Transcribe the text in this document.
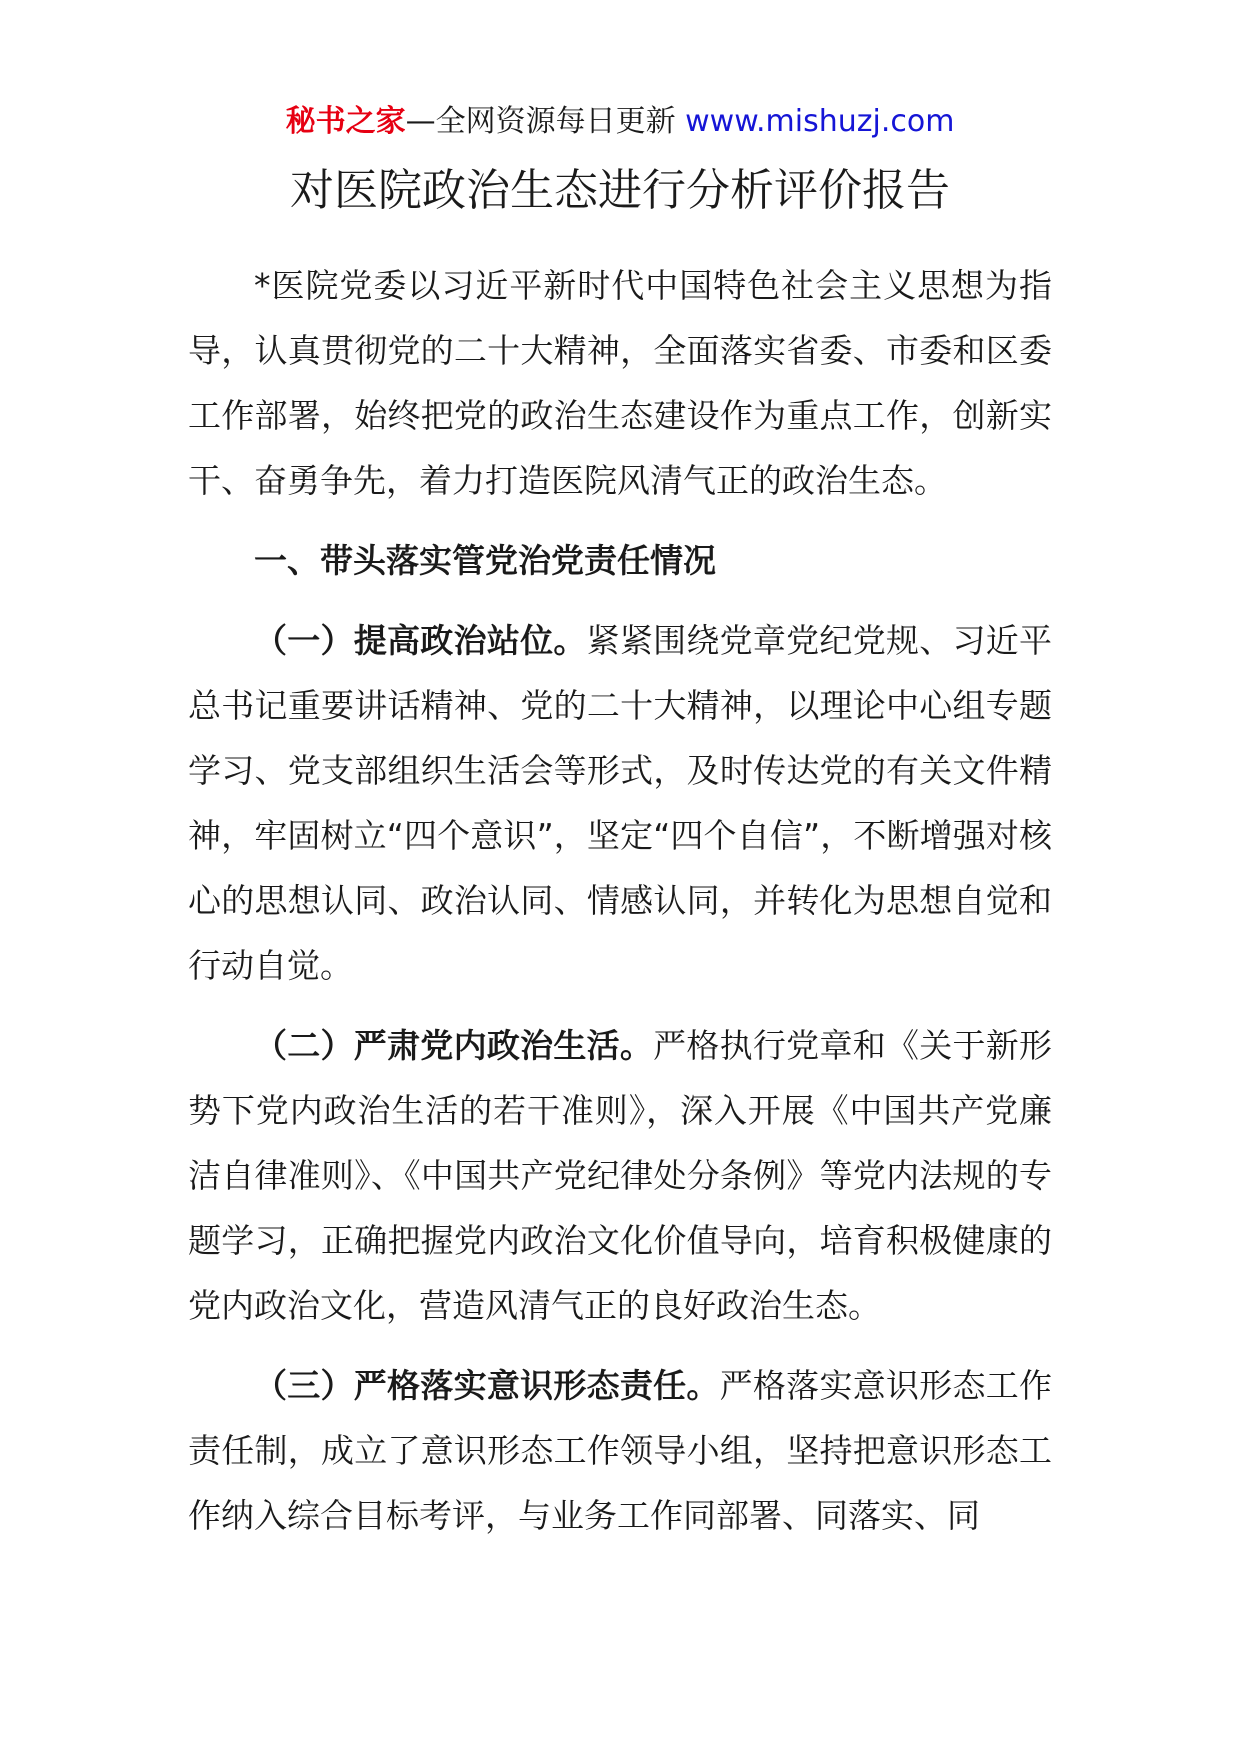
秘书之家—全网资源每日更新 www.mishuzj.com
对医院政治生态进行分析评价报告

*医院党委以习近平新时代中国特色社会主义思想为指导，认真贯彻党的二十大精神，全面落实省委、市委和区委工作部署，始终把党的政治生态建设作为重点工作，创新实干、奋勇争先，着力打造医院风清气正的政治生态。

一、带头落实管党治党责任情况

（一）提高政治站位。紧紧围绕党章党纪党规、习近平总书记重要讲话精神、党的二十大精神，以理论中心组专题学习、党支部组织生活会等形式，及时传达党的有关文件精神，牢固树立“四个意识”，坚定“四个自信”，不断增强对核心的思想认同、政治认同、情感认同，并转化为思想自觉和行动自觉。

（二）严肃党内政治生活。严格执行党章和《关于新形势下党内政治生活的若干准则》，深入开展《中国共产党廉洁自律准则》、《中国共产党纪律处分条例》等党内法规的专题学习，正确把握党内政治文化价值导向，培育积极健康的党内政治文化，营造风清气正的良好政治生态。

（三）严格落实意识形态责任。严格落实意识形态工作责任制，成立了意识形态工作领导小组，坚持把意识形态工作纳入综合目标考评，与业务工作同部署、同落实、同
